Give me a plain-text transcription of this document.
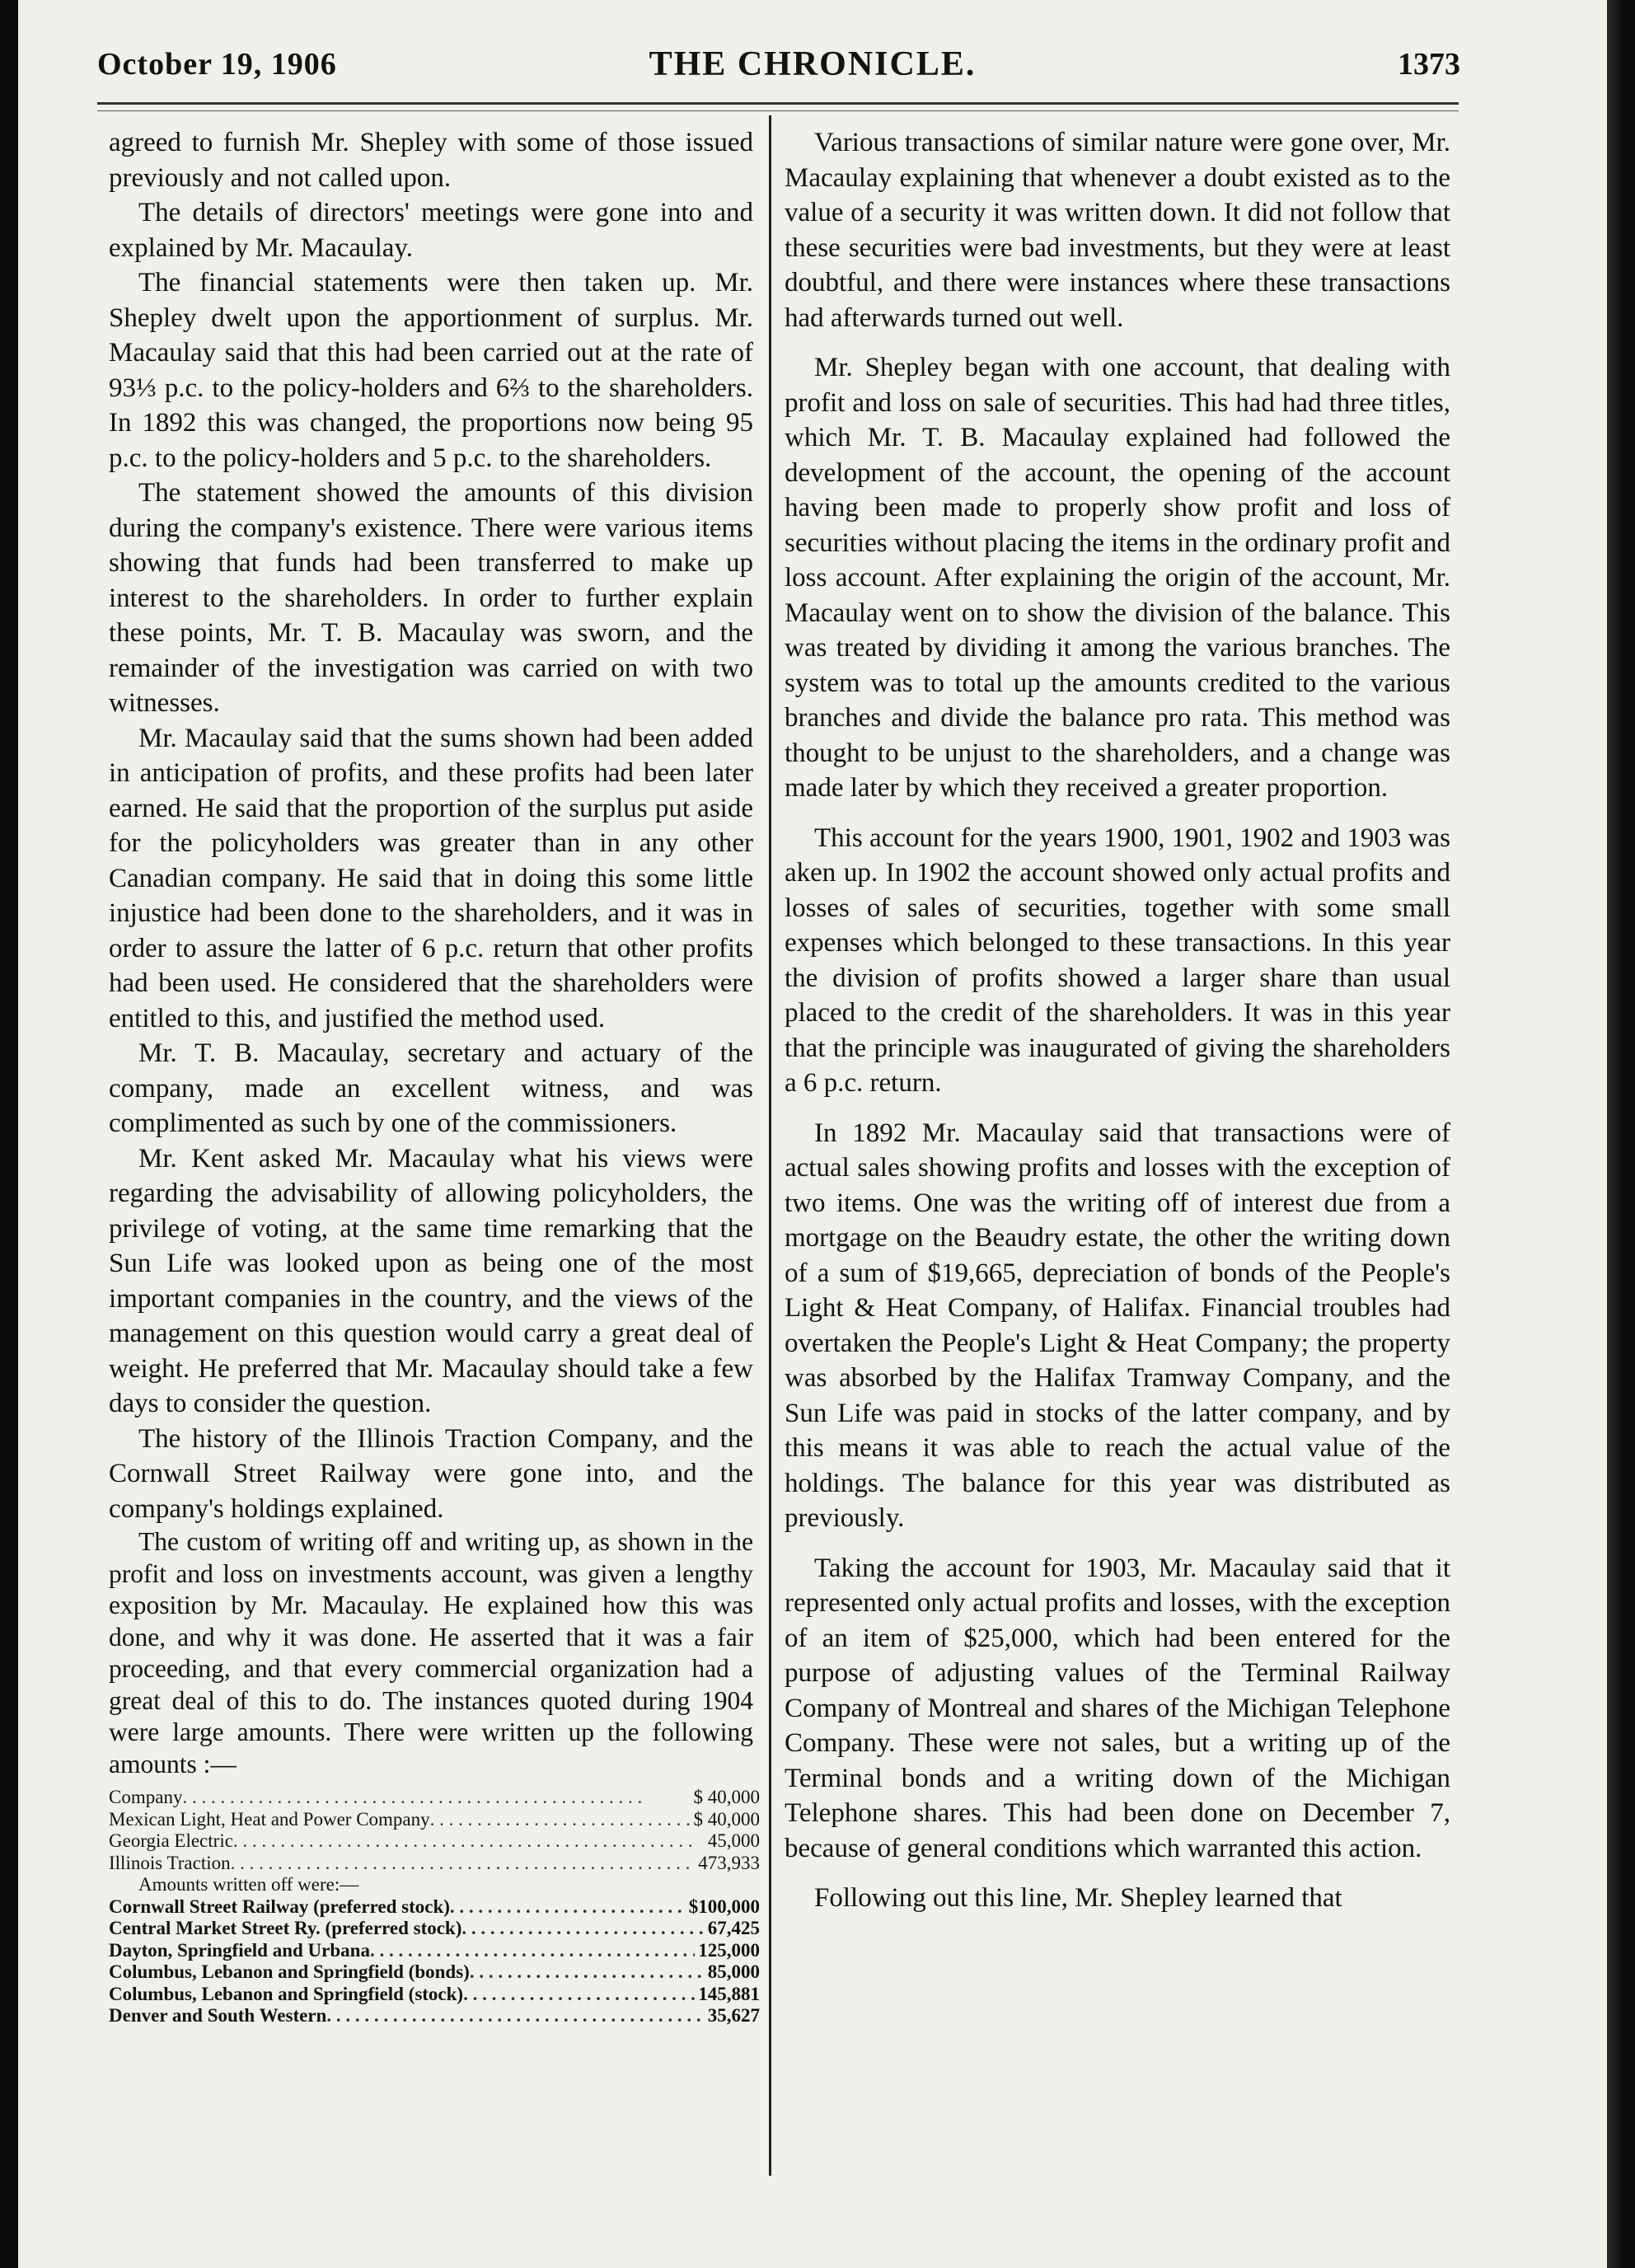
October 19, 1906	THE CHRONICLE.	1373

agreed to furnish Mr. Shepley with some of those issued previously and not called upon.

The details of directors' meetings were gone into and explained by Mr. Macaulay.

The financial statements were then taken up. Mr. Shepley dwelt upon the apportionment of surplus. Mr. Macaulay said that this had been carried out at the rate of 93⅓ p.c. to the policy-holders and 6⅔ to the shareholders. In 1892 this was changed, the proportions now being 95 p.c. to the policy-holders and 5 p.c. to the shareholders.

The statement showed the amounts of this division during the company's existence. There were various items showing that funds had been transferred to make up interest to the shareholders. In order to further explain these points, Mr. T. B. Macaulay was sworn, and the remainder of the investigation was carried on with two witnesses.

Mr. Macaulay said that the sums shown had been added in anticipation of profits, and these profits had been later earned. He said that the proportion of the surplus put aside for the policyholders was greater than in any other Canadian company. He said that in doing this some little injustice had been done to the shareholders, and it was in order to assure the latter of 6 p.c. return that other profits had been used. He considered that the shareholders were entitled to this, and justified the method used.

Mr. T. B. Macaulay, secretary and actuary of the company, made an excellent witness, and was complimented as such by one of the commissioners.

Mr. Kent asked Mr. Macaulay what his views were regarding the advisability of allowing policyholders, the privilege of voting, at the same time remarking that the Sun Life was looked upon as being one of the most important companies in the country, and the views of the management on this question would carry a great deal of weight. He preferred that Mr. Macaulay should take a few days to consider the question.

The history of the Illinois Traction Company, and the Cornwall Street Railway were gone into, and the company's holdings explained.

The custom of writing off and writing up, as shown in the profit and loss on investments account, was given a lengthy exposition by Mr. Macaulay. He explained how this was done, and why it was done. He asserted that it was a fair proceeding, and that every commercial organization had a great deal of this to do. The instances quoted during 1904 were large amounts. There were written up the following amounts :—

Company . . .	$ 40,000
Mexican Light, Heat and Power Company . . .	$ 40,000
Georgia Electric . . .	45,000
Illinois Traction . . .	473,933
Amounts written off were:—
Cornwall Street Railway (preferred stock) . . .	$100,000
Central Market Street Ry. (preferred stock) . . .	67,425
Dayton, Springfield and Urbana . . .	125,000
Columbus, Lebanon and Springfield (bonds) . . .	85,000
Columbus, Lebanon and Springfield (stock) . . .	145,881
Denver and South Western . . .	35,627

Various transactions of similar nature were gone over, Mr. Macaulay explaining that whenever a doubt existed as to the value of a security it was written down. It did not follow that these securities were bad investments, but they were at least doubtful, and there were instances where these transactions had afterwards turned out well.

Mr. Shepley began with one account, that dealing with profit and loss on sale of securities. This had had three titles, which Mr. T. B. Macaulay explained had followed the development of the account, the opening of the account having been made to properly show profit and loss of securities without placing the items in the ordinary profit and loss account. After explaining the origin of the account, Mr. Macaulay went on to show the division of the balance. This was treated by dividing it among the various branches. The system was to total up the amounts credited to the various branches and divide the balance pro rata. This method was thought to be unjust to the shareholders, and a change was made later by which they received a greater proportion.

This account for the years 1900, 1901, 1902 and 1903 was aken up. In 1902 the account showed only actual profits and losses of sales of securities, together with some small expenses which belonged to these transactions. In this year the division of profits showed a larger share than usual placed to the credit of the shareholders. It was in this year that the principle was inaugurated of giving the shareholders a 6 p.c. return.

In 1892 Mr. Macaulay said that transactions were of actual sales showing profits and losses with the exception of two items. One was the writing off of interest due from a mortgage on the Beaudry estate, the other the writing down of a sum of $19,665, depreciation of bonds of the People's Light & Heat Company, of Halifax. Financial troubles had overtaken the People's Light & Heat Company; the property was absorbed by the Halifax Tramway Company, and the Sun Life was paid in stocks of the latter company, and by this means it was able to reach the actual value of the holdings. The balance for this year was distributed as previously.

Taking the account for 1903, Mr. Macaulay said that it represented only actual profits and losses, with the exception of an item of $25,000, which had been entered for the purpose of adjusting values of the Terminal Railway Company of Montreal and shares of the Michigan Telephone Company. These were not sales, but a writing up of the Terminal bonds and a writing down of the Michigan Telephone shares. This had been done on December 7, because of general conditions which warranted this action.

Following out this line, Mr. Shepley learned that
